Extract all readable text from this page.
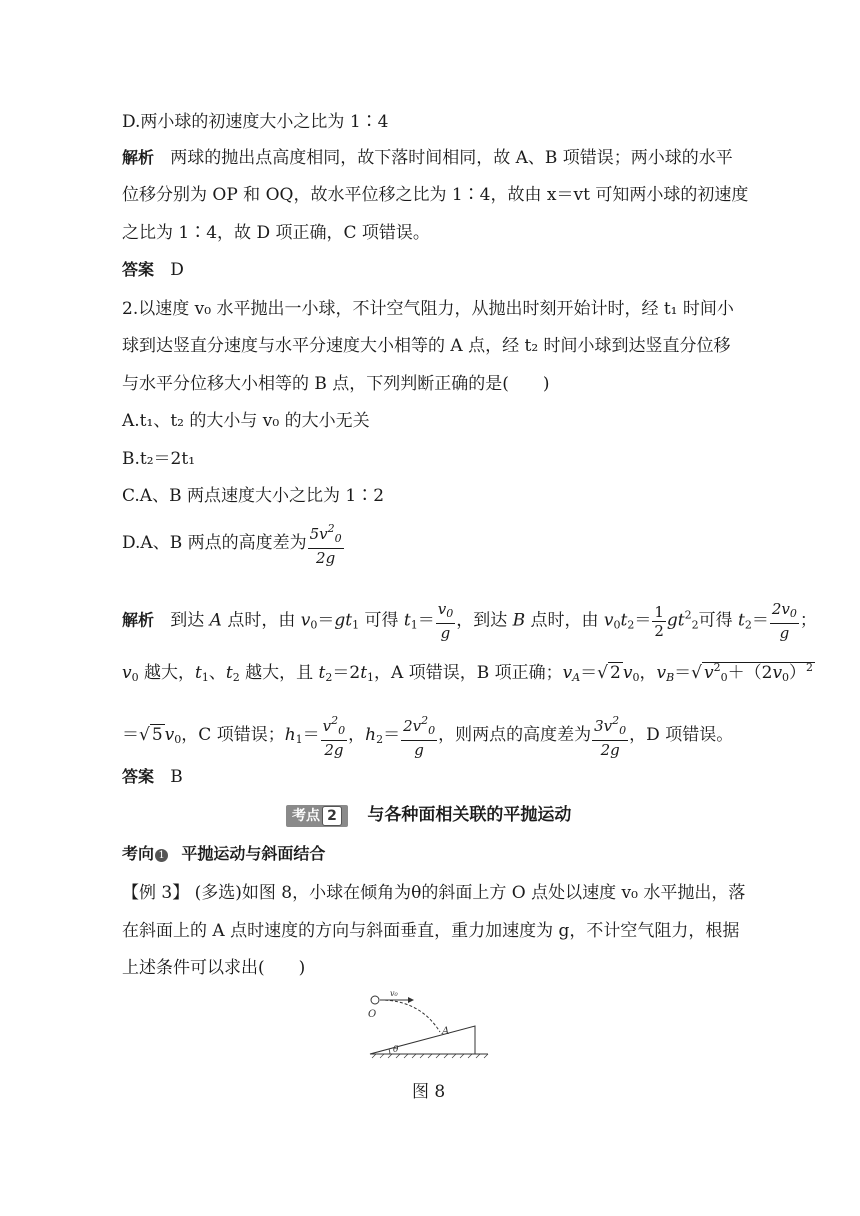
D.两小球的初速度大小之比为 1∶4
解析 两球的抛出点高度相同，故下落时间相同，故 A、B 项错误；两小球的水平
位移分别为 OP 和 OQ，故水平位移之比为 1∶4，故由 x＝vt 可知两小球的初速度
之比为 1∶4，故 D 项正确，C 项错误。
答案 D
2.以速度 v₀ 水平抛出一小球，不计空气阻力，从抛出时刻开始计时，经 t₁ 时间小
球到达竖直分速度与水平分速度大小相等的 A 点，经 t₂ 时间小球到达竖直分位移
与水平分位移大小相等的 B 点，下列判断正确的是(　　)
A.t₁、t₂ 的大小与 v₀ 的大小无关
B.t₂＝2t₁
C.A、B 两点速度大小之比为 1∶2
D.A、B 两点的高度差为 $\frac{5v^2_0}{2g}$
解析   到达 A 点时，由 $v_0=gt_1$ 可得 $t_1= \frac{v_0}{g}$ ，到达 B 点时，由 $v_0t_2= \frac{1}{2} gt^2_2$可得 $t_2= \frac{2v_0}{g}$ ；
$v_0$ 越大，$t_1$、$t_2$ 越大，且 $t_2=2t_1$，A 项错误，B 项正确；$v_A=√$ 2 $v_0$，$v_B=√$ $v^2_0+(2v_0)^2$
＝√ 5 $v_0$，C 项错误；$h_1= \frac{v^2_0}{2g}$ ，$h_2= \frac{2v^2_0}{g}$ ，则两点的高度差为 $\frac{3v^2_0}{2g}$ ，D 项错误。
答案 B
考点 2 与各种面相关联的平抛运动
考向 1 平抛运动与斜面结合
【例 3】 (多选)如图 8，小球在倾角为θ的斜面上方 O 点处以速度 v₀ 水平抛出，落
在斜面上的 A 点时速度的方向与斜面垂直，重力加速度为 g，不计空气阻力，根据
上述条件可以求出(　　)
v₀
O
A
θ
图 8
